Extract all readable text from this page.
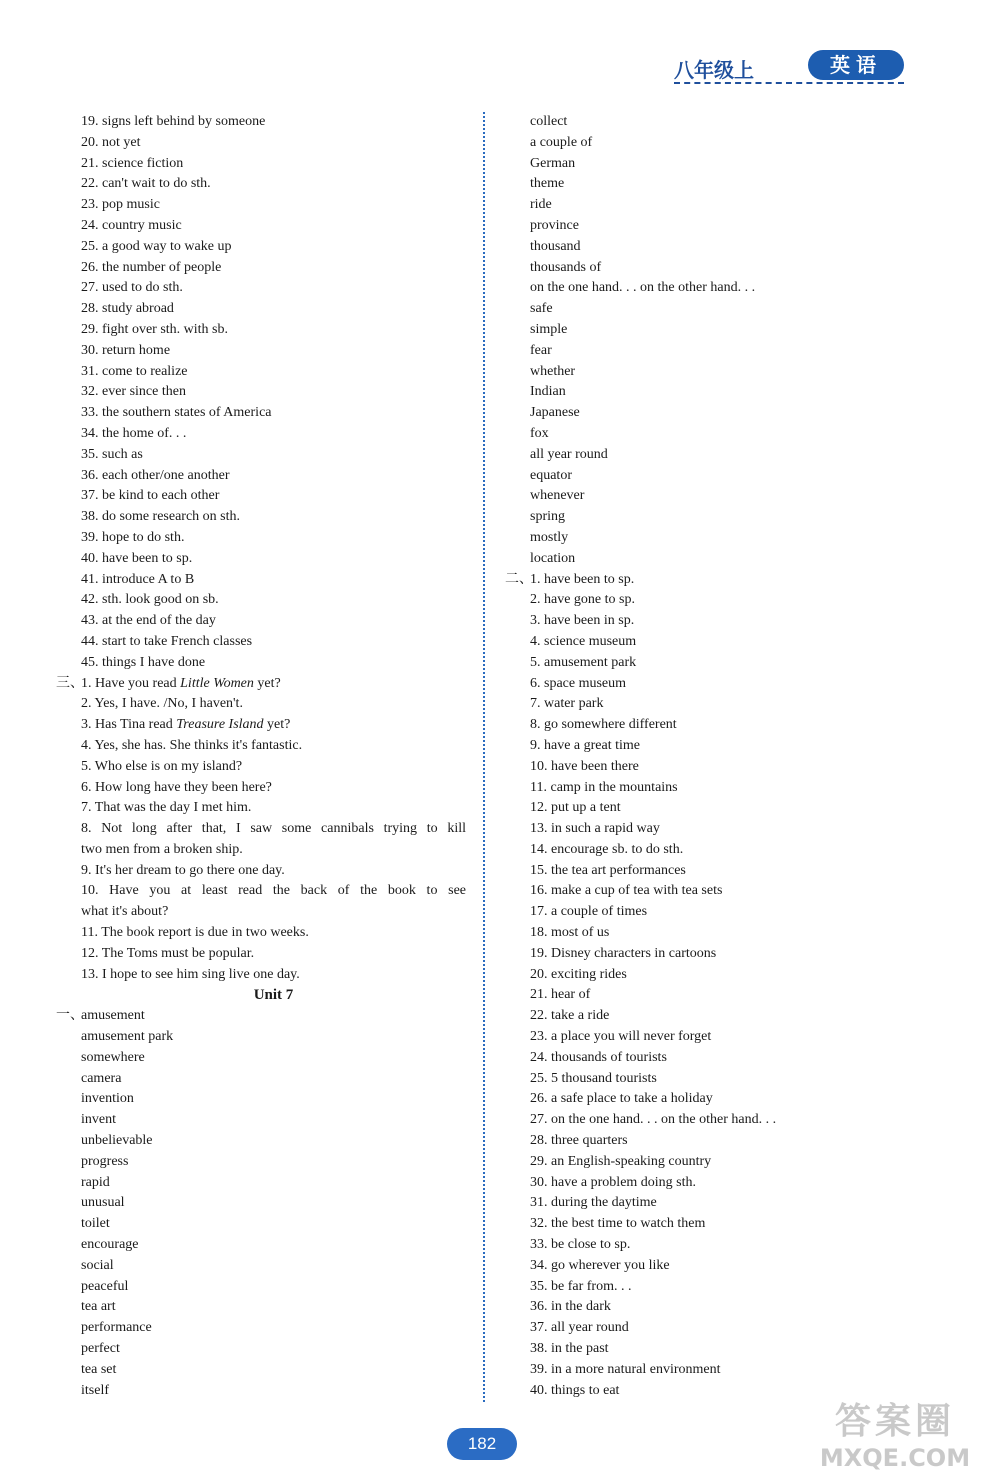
八年级上	英语
19. signs left behind by someone
20. not yet
21. science fiction
22. can't wait to do sth.
23. pop music
24. country music
25. a good way to wake up
26. the number of people
27. used to do sth.
28. study abroad
29. fight over sth. with sb.
30. return home
31. come to realize
32. ever since then
33. the southern states of America
34. the home of. . .
35. such as
36. each other/one another
37. be kind to each other
38. do some research on sth.
39. hope to do sth.
40. have been to sp.
41. introduce A to B
42. sth. look good on sb.
43. at the end of the day
44. start to take French classes
45. things I have done
三、1. Have you read Little Women yet?
2. Yes, I have. /No, I haven't.
3. Has Tina read Treasure Island yet?
4. Yes, she has. She thinks it's fantastic.
5. Who else is on my island?
6. How long have they been here?
7. That was the day I met him.
8. Not long after that, I saw some cannibals trying to kill
two men from a broken ship.
9. It's her dream to go there one day.
10. Have you at least read the back of the book to see
what it's about?
11. The book report is due in two weeks.
12. The Toms must be popular.
13. I hope to see him sing live one day.
Unit 7
一、amusement
amusement park
somewhere
camera
invention
invent
unbelievable
progress
rapid
unusual
toilet
encourage
social
peaceful
tea art
performance
perfect
tea set
itself
collect
a couple of
German
theme
ride
province
thousand
thousands of
on the one hand. . . on the other hand. . .
safe
simple
fear
whether
Indian
Japanese
fox
all year round
equator
whenever
spring
mostly
location
二、1. have been to sp.
2. have gone to sp.
3. have been in sp.
4. science museum
5. amusement park
6. space museum
7. water park
8. go somewhere different
9. have a great time
10. have been there
11. camp in the mountains
12. put up a tent
13. in such a rapid way
14. encourage sb. to do sth.
15. the tea art performances
16. make a cup of tea with tea sets
17. a couple of times
18. most of us
19. Disney characters in cartoons
20. exciting rides
21. hear of
22. take a ride
23. a place you will never forget
24. thousands of tourists
25. 5 thousand tourists
26. a safe place to take a holiday
27. on the one hand. . . on the other hand. . .
28. three quarters
29. an English-speaking country
30. have a problem doing sth.
31. during the daytime
32. the best time to watch them
33. be close to sp.
34. go wherever you like
35. be far from. . .
36. in the dark
37. all year round
38. in the past
39. in a more natural environment
40. things to eat
182
答案圈
MXQE.COM
